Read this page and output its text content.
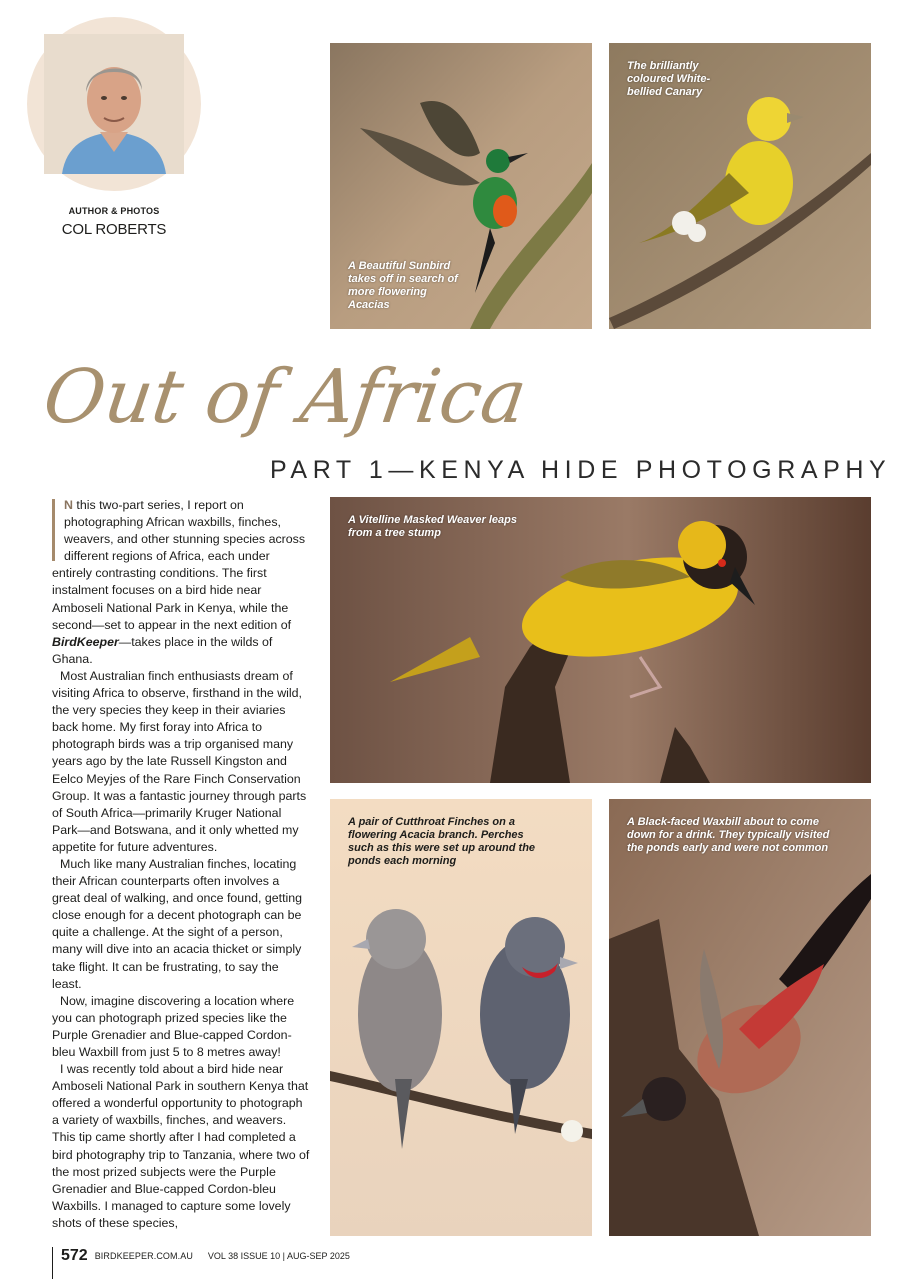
AUTHOR & PHOTOS
COL ROBERTS
A Beautiful Sunbird takes off in search of more flowering Acacias
The brilliantly coloured White-bellied Canary
Out of Africa
PART 1—KENYA HIDE PHOTOGRAPHY
A Vitelline Masked Weaver leaps from a tree stump
A pair of Cutthroat Finches on a flowering Acacia branch. Perches such as this were set up around the ponds each morning
A Black-faced Waxbill about to come down for a drink. They typically visited the ponds early and were not common

N this two-part series, I report on photographing African waxbills, finches, weavers, and other stunning species across different regions of Africa, each under entirely contrasting conditions. The first instalment focuses on a bird hide near Amboseli National Park in Kenya, while the second—set to appear in the next edition of BirdKeeper—takes place in the wilds of Ghana.

Most Australian finch enthusiasts dream of visiting Africa to observe, firsthand in the wild, the very species they keep in their aviaries back home. My first foray into Africa to photograph birds was a trip organised many years ago by the late Russell Kingston and Eelco Meyjes of the Rare Finch Conservation Group. It was a fantastic journey through parts of South Africa—primarily Kruger National Park—and Botswana, and it only whetted my appetite for future adventures.

Much like many Australian finches, locating their African counterparts often involves a great deal of walking, and once found, getting close enough for a decent photograph can be quite a challenge. At the sight of a person, many will dive into an acacia thicket or simply take flight. It can be frustrating, to say the least.

Now, imagine discovering a location where you can photograph prized species like the Purple Grenadier and Blue-capped Cordon-bleu Waxbill from just 5 to 8 metres away!

I was recently told about a bird hide near Amboseli National Park in southern Kenya that offered a wonderful opportunity to photograph a variety of waxbills, finches, and weavers. This tip came shortly after I had completed a bird photography trip to Tanzania, where two of the most prized subjects were the Purple Grenadier and Blue-capped Cordon-bleu Waxbills. I managed to capture some lovely shots of these species,

572 BIRDKEEPER.COM.AU VOL 38 ISSUE 10 | AUG-SEP 2025
